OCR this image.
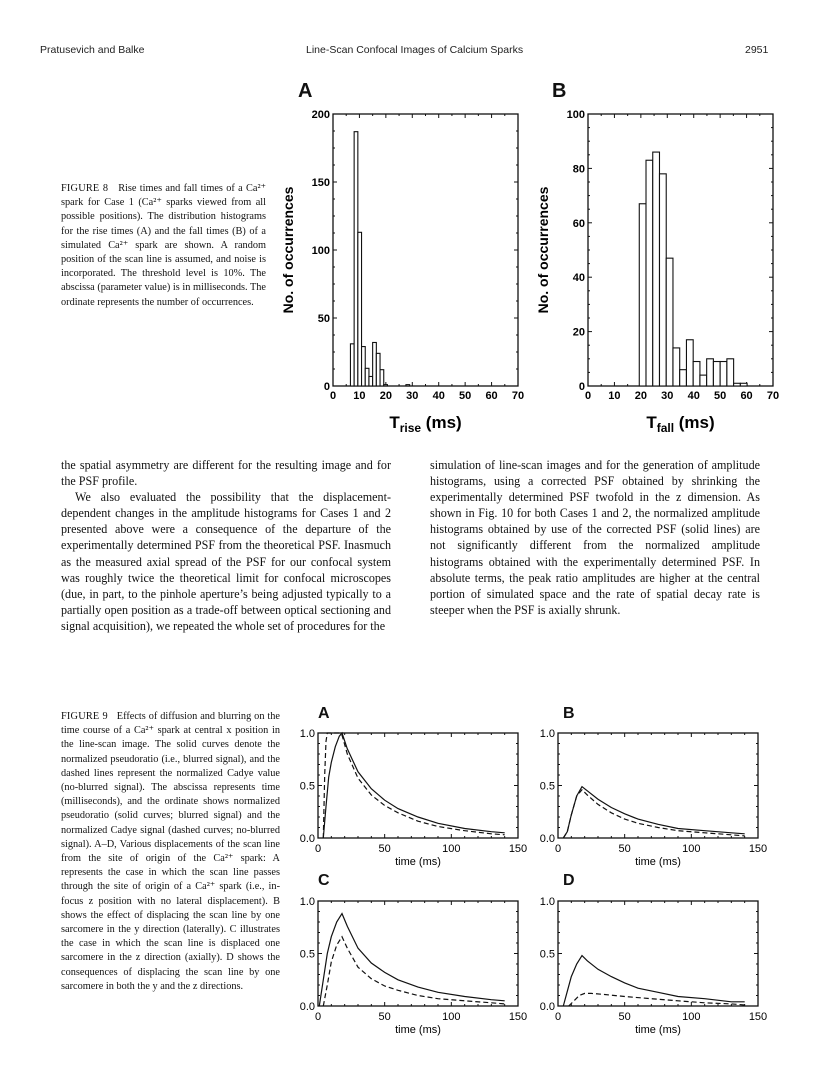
Pratusevich and Balke	Line-Scan Confocal Images of Calcium Sparks	2951
FIGURE 8 Rise times and fall times of a Ca²⁺ spark for Case 1 (Ca²⁺ sparks viewed from all possible positions). The distribution histograms for the rise times (A) and the fall times (B) of a simulated Ca²⁺ spark are shown. A random position of the scan line is assumed, and noise is incorporated. The threshold level is 10%. The abscissa (parameter value) is in milliseconds. The ordinate represents the number of occurrences.
A	B
0 10 20 30 40 50 60 70
0
50
100
150
200
No. of occurrences
$T_{rise}$ (ms)
0 10 20 30 40 50 60 70
0
20
40
60
80
100
No. of occurrences
$T_{fall}$ (ms)

the spatial asymmetry are different for the resulting image and for the PSF profile.

We also evaluated the possibility that the displacement-dependent changes in the amplitude histograms for Cases 1 and 2 presented above were a consequence of the departure of the experimentally determined PSF from the theoretical PSF. Inasmuch as the measured axial spread of the PSF for our confocal system was roughly twice the theoretical limit for confocal microscopes (due, in part, to the pinhole aperture’s being adjusted typically to a partially open position as a trade-off between optical sectioning and signal acquisition), we repeated the whole set of procedures for the

simulation of line-scan images and for the generation of amplitude histograms, using a corrected PSF obtained by shrinking the experimentally determined PSF twofold in the z dimension. As shown in Fig. 10 for both Cases 1 and 2, the normalized amplitude histograms obtained by use of the corrected PSF (solid lines) are not significantly different from the normalized amplitude histograms obtained with the experimentally determined PSF. In absolute terms, the peak ratio amplitudes are higher at the central portion of simulated space and the rate of spatial decay rate is steeper when the PSF is axially shrunk.

FIGURE 9 Effects of diffusion and blurring on the time course of a Ca²⁺ spark at central x position in the line-scan image. The solid curves denote the normalized pseudoratio (i.e., blurred signal), and the dashed lines represent the normalized Cadye value (no-blurred signal). The abscissa represents time (milliseconds), and the ordinate shows normalized pseudoratio (solid curves; blurred signal) and the normalized Cadye signal (dashed curves; no-blurred signal). A–D, Various displacements of the scan line from the site of origin of the Ca²⁺ spark: A represents the case in which the scan line passes through the site of origin of a Ca²⁺ spark (i.e., in-focus z position with no lateral displacement). B shows the effect of displacing the scan line by one sarcomere in the y direction (laterally). C illustrates the case in which the scan line is displaced one sarcomere in the z direction (axially). D shows the consequences of displacing the scan line by one sarcomere in both the y and the z directions.
A	B
C	D
0	50	100	150
0.0
0.5
1.0
time (ms)
0	50	100	150
0.0
0.5
1.0
time (ms)
0	50	100	150
0.0
0.5
1.0
time (ms)
0	50	100	150
0.0
0.5
1.0
time (ms)
